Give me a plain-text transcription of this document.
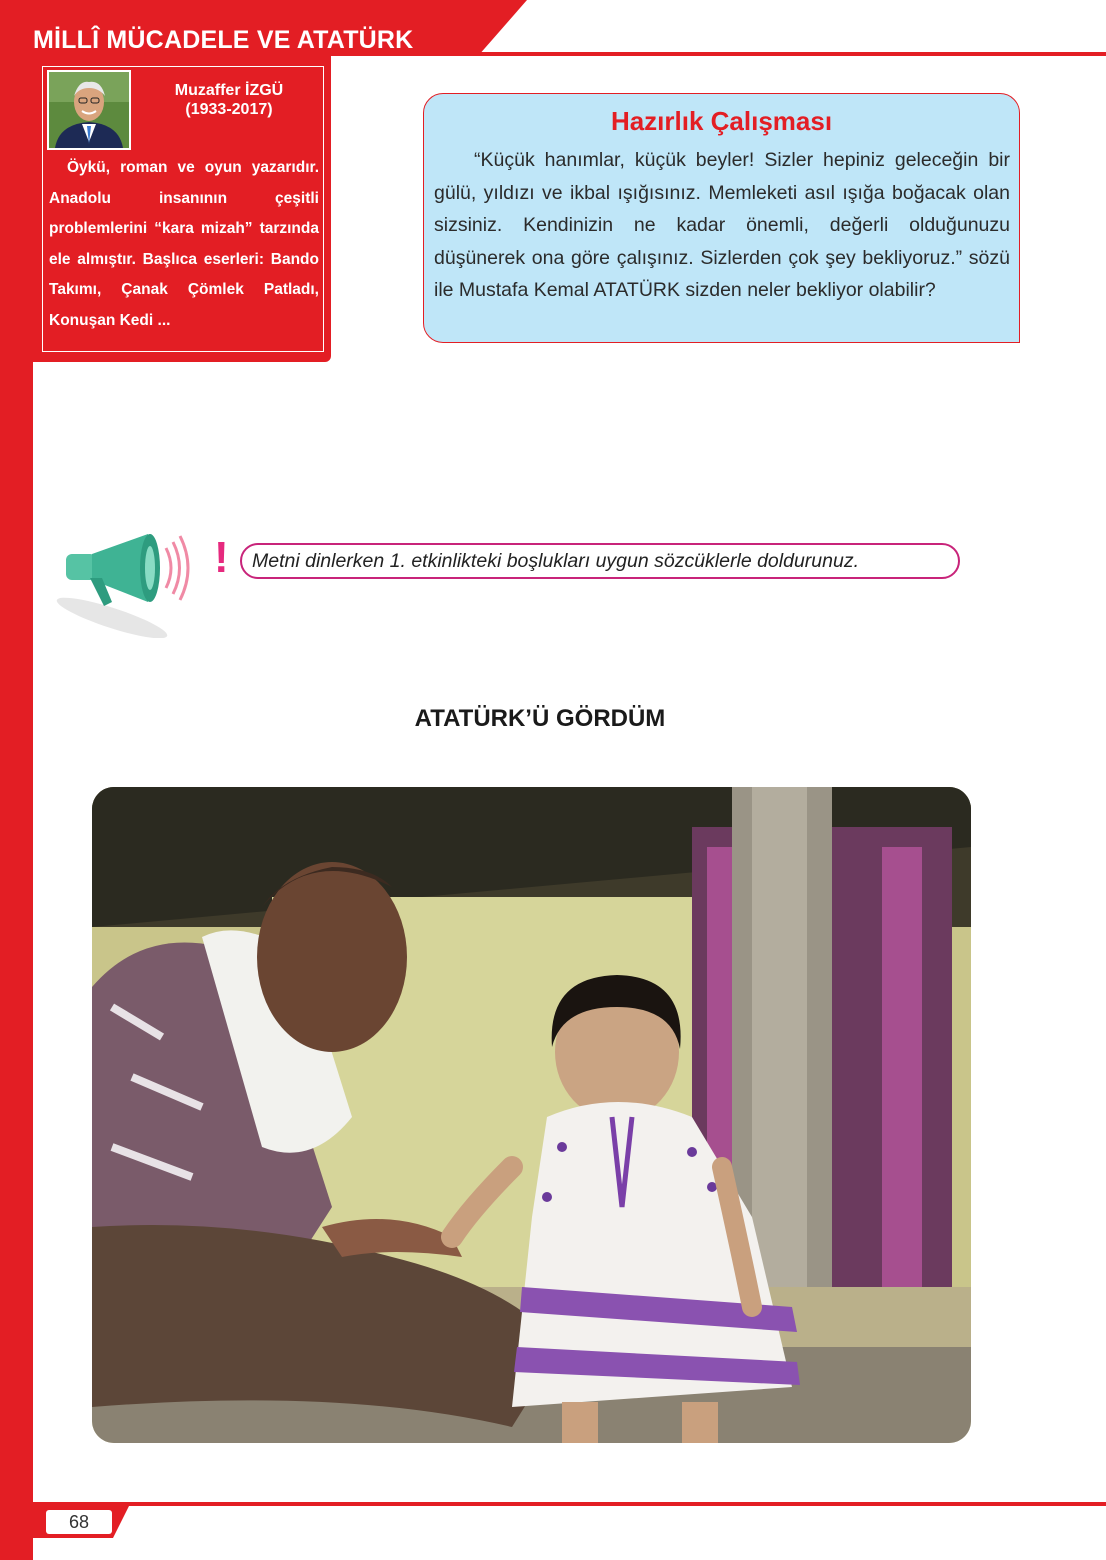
MİLLÎ MÜCADELE VE ATATÜRK
Muzaffer İZGÜ
(1933-2017)
Öykü, roman ve oyun yazarıdır. Anadolu insanının çeşitli problemlerini “kara mizah” tarzında ele almıştır. Başlıca eserleri: Bando Takımı, Çanak Çömlek Patladı, Konuşan Kedi ...
Hazırlık Çalışması
“Küçük hanımlar, küçük beyler! Sizler hepiniz geleceğin bir gülü, yıldızı ve ikbal ışığısınız. Memleketi asıl ışığa boğacak olan sizsiniz. Kendinizin ne kadar önemli, değerli olduğunuzu düşünerek ona göre çalışınız. Sizlerden çok şey bekliyoruz.” sözü ile Mustafa Kemal ATATÜRK sizden neler bekliyor olabilir?
!	Metni dinlerken 1. etkinlikteki boşlukları uygun sözcüklerle doldurunuz.
ATATÜRK’Ü GÖRDÜM
68
